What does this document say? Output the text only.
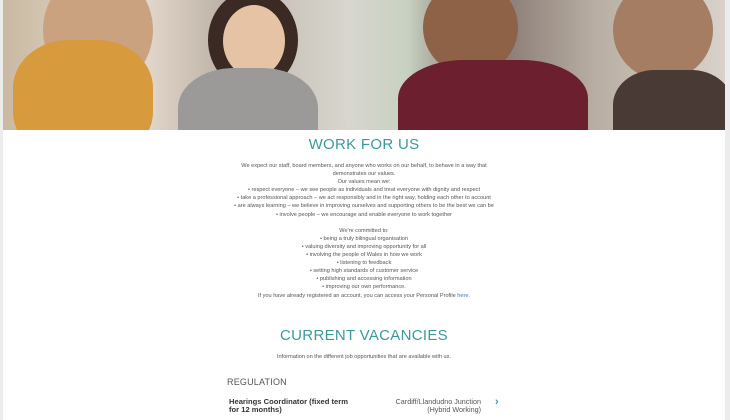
WORK FOR US
We expect our staff, board members, and anyone who works on our behalf, to behave in a way that
demonstrates our values.
Our values mean we:
• respect everyone – we see people as individuals and treat everyone with dignity and respect
• take a professional approach – we act responsibly and in the right way, holding each other to account
• are always learning – we believe in improving ourselves and supporting others to be the best we can be
• involve people – we encourage and enable everyone to work together
We're committed to:
• being a truly bilingual organisation
• valuing diversity and improving opportunity for all
• involving the people of Wales in how we work
• listening to feedback
• setting high standards of customer service
• publishing and accessing information
• improving our own performance.
If you have already registered an account, you can access your Personal Profile here.
CURRENT VACANCIES
Information on the different job opportunities that are available with us.
REGULATION
Hearings Coordinator (fixed term for 12 months)
Cardiff/Llandudno Junction (Hybrid Working)
›
